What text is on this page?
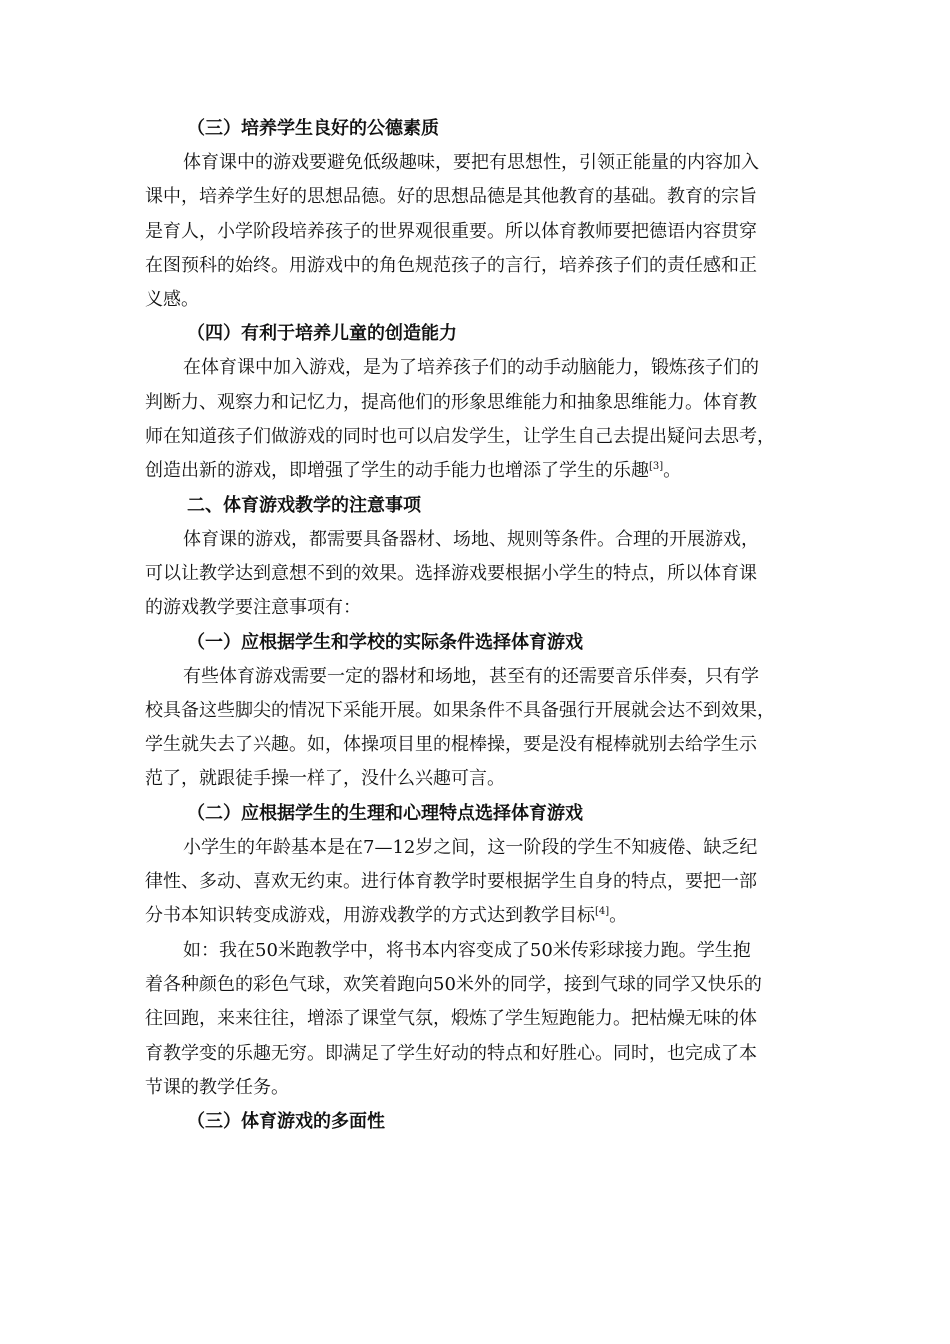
（三）培养学生良好的公德素质
体育课中的游戏要避免低级趣味，要把有思想性，引领正能量的内容加入
课中，培养学生好的思想品德。好的思想品德是其他教育的基础。教育的宗旨
是育人，小学阶段培养孩子的世界观很重要。所以体育教师要把德语内容贯穿
在图预科的始终。用游戏中的角色规范孩子的言行，培养孩子们的责任感和正
义感。
（四）有利于培养儿童的创造能力
在体育课中加入游戏，是为了培养孩子们的动手动脑能力，锻炼孩子们的
判断力、观察力和记忆力，提高他们的形象思维能力和抽象思维能力。体育教
师在知道孩子们做游戏的同时也可以启发学生，让学生自己去提出疑问去思考，
创造出新的游戏，即增强了学生的动手能力也增添了学生的乐趣[3]。
二、体育游戏教学的注意事项
体育课的游戏，都需要具备器材、场地、规则等条件。合理的开展游戏，
可以让教学达到意想不到的效果。选择游戏要根据小学生的特点，所以体育课
的游戏教学要注意事项有：
（一）应根据学生和学校的实际条件选择体育游戏
有些体育游戏需要一定的器材和场地，甚至有的还需要音乐伴奏，只有学
校具备这些脚尖的情况下采能开展。如果条件不具备强行开展就会达不到效果，
学生就失去了兴趣。如，体操项目里的棍棒操，要是没有棍棒就别去给学生示
范了，就跟徒手操一样了，没什么兴趣可言。
（二）应根据学生的生理和心理特点选择体育游戏
小学生的年龄基本是在7—12岁之间，这一阶段的学生不知疲倦、缺乏纪
律性、多动、喜欢无约束。进行体育教学时要根据学生自身的特点，要把一部
分书本知识转变成游戏，用游戏教学的方式达到教学目标[4]。
如：我在50米跑教学中，将书本内容变成了50米传彩球接力跑。学生抱
着各种颜色的彩色气球，欢笑着跑向50米外的同学，接到气球的同学又快乐的
往回跑，来来往往，增添了课堂气氛，煅炼了学生短跑能力。把枯燥无味的体
育教学变的乐趣无穷。即满足了学生好动的特点和好胜心。同时，也完成了本
节课的教学任务。
（三）体育游戏的多面性
